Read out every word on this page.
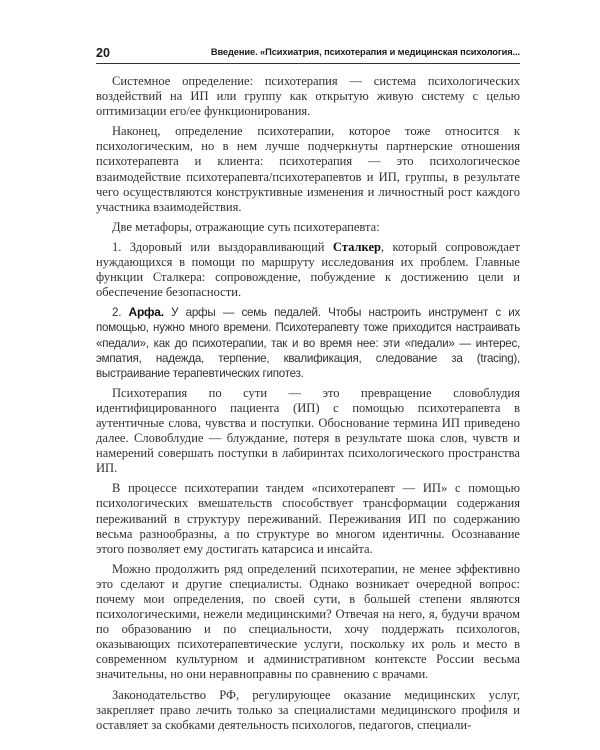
20	Введение. «Психиатрия, психотерапия и медицинская психология...

Системное определение: психотерапия — система психологических воздействий на ИП или группу как открытую живую систему с целью оптимизации его/ее функционирования.

Наконец, определение психотерапии, которое тоже относится к психологическим, но в нем лучше подчеркнуты партнерские отношения психотерапевта и клиента: психотерапия — это психологическое взаимодействие психотерапевта/психотерапевтов и ИП, группы, в результате чего осуществляются конструктивные изменения и личностный рост каждого участника взаимодействия.

Две метафоры, отражающие суть психотерапевта:

1. Здоровый или выздоравливающий Сталкер, который сопровождает нуждающихся в помощи по маршруту исследования их проблем. Главные функции Сталкера: сопровождение, побуждение к достижению цели и обеспечение безопасности.

2. Арфа. У арфы — семь педалей. Чтобы настроить инструмент с их помощью, нужно много времени. Психотерапевту тоже приходится настраивать «педали», как до психотерапии, так и во время нее: эти «педали» — интерес, эмпатия, надежда, терпение, квалификация, следование за (tracing), выстраивание терапевтических гипотез.

Психотерапия по сути — это превращение словоблудия идентифицированного пациента (ИП) с помощью психотерапевта в аутентичные слова, чувства и поступки. Обоснование термина ИП приведено далее. Словоблудие — блуждание, потеря в результате шока слов, чувств и намерений совершать поступки в лабиринтах психологического пространства ИП.

В процессе психотерапии тандем «психотерапевт — ИП» с помощью психологических вмешательств способствует трансформации содержания переживаний в структуру переживаний. Переживания ИП по содержанию весьма разнообразны, а по структуре во многом идентичны. Осознавание этого позволяет ему достигать катарсиса и инсайта.

Можно продолжить ряд определений психотерапии, не менее эффективно это сделают и другие специалисты. Однако возникает очередной вопрос: почему мои определения, по своей сути, в большей степени являются психологическими, нежели медицинскими? Отвечая на него, я, будучи врачом по образованию и по специальности, хочу поддержать психологов, оказывающих психотерапевтические услуги, поскольку их роль и место в современном культурном и административном контексте России весьма значительны, но они неравноправны по сравнению с врачами.

Законодательство РФ, регулирующее оказание медицинских услуг, закрепляет право лечить только за специалистами медицинского профиля и оставляет за скобками деятельность психологов, педагогов, специали-
